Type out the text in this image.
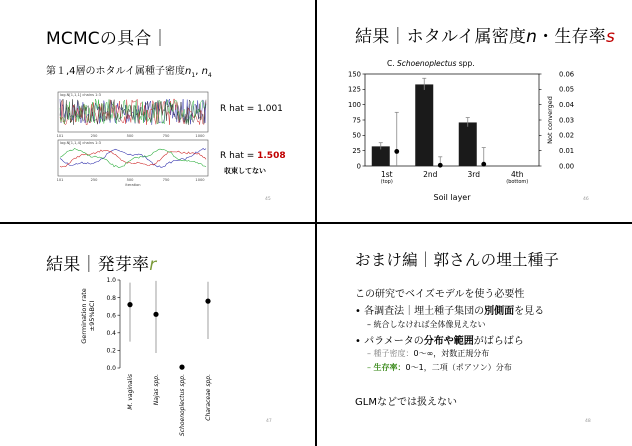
MCMCの具合｜
第１,4層のホタルイ属種子密度$n_1$, $n_4$
log.N[1,1,1] chains 1:3
log.N[1,1,4] chains 1:3
101
101
250
250
500
500
750
750
1000
1000
iteration
R hat = 1.001
R hat = 1.508
収束してない
45
結果｜ホタルイ属密度n・生存率s
C. Schoenoplectus spp.
0
25
50
75
100
125
150
0.00
0.01
0.02
0.03
0.04
0.05
0.06
1st
(top)
2nd	3rd	4th
(bottom)
Soil layer
Not converged
46
結果｜発芽率r
Germination rate ±95%BCI
0.0
0.2
0.4
0.6
0.8
1.0
M. vaginalis	Najas spp.	Schoenoplectus spp.	Characeae spp.
47
おまけ編｜郭さんの埋土種子
この研究でベイズモデルを使う必要性
• 各調査法｜埋土種子集団の別側面を見る
– 統合しなければ全体像見えない
• パラメータの分布や範囲がばらばら
– 種子密度：0〜∞，対数正規分布
– 生存率：0〜1，二項（ポアソン）分布
GLMなどでは扱えない
48
